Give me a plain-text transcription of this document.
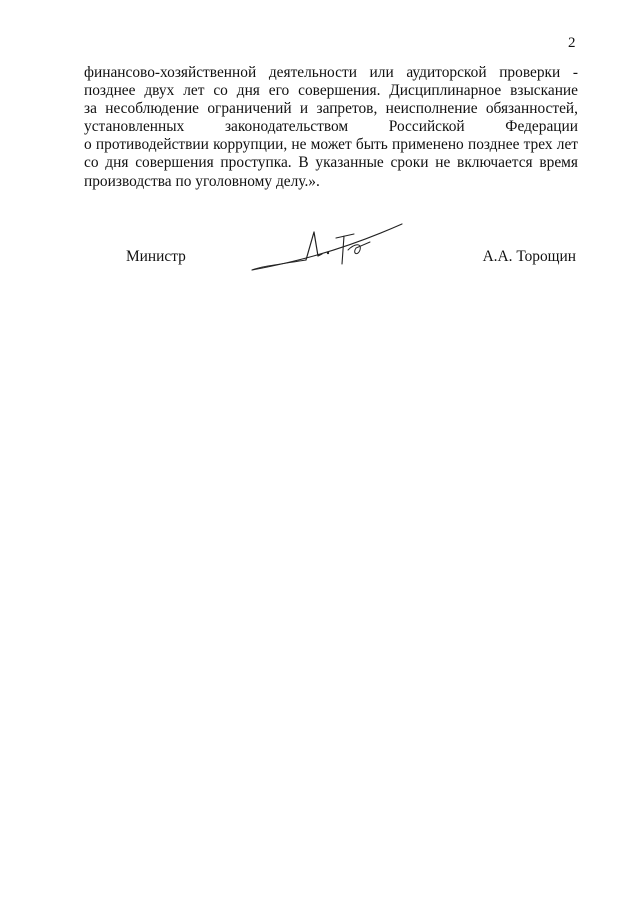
2
финансово-хозяйственной деятельности или аудиторской проверки -
позднее двух лет со дня его совершения. Дисциплинарное взыскание
за несоблюдение ограничений и запретов, неисполнение обязанностей,
установленных законодательством Российской Федерации
о противодействии коррупции, не может быть применено позднее трех лет
со дня совершения проступка. В указанные сроки не включается время
производства по уголовному делу.».
Министр	А.А. Торощин
